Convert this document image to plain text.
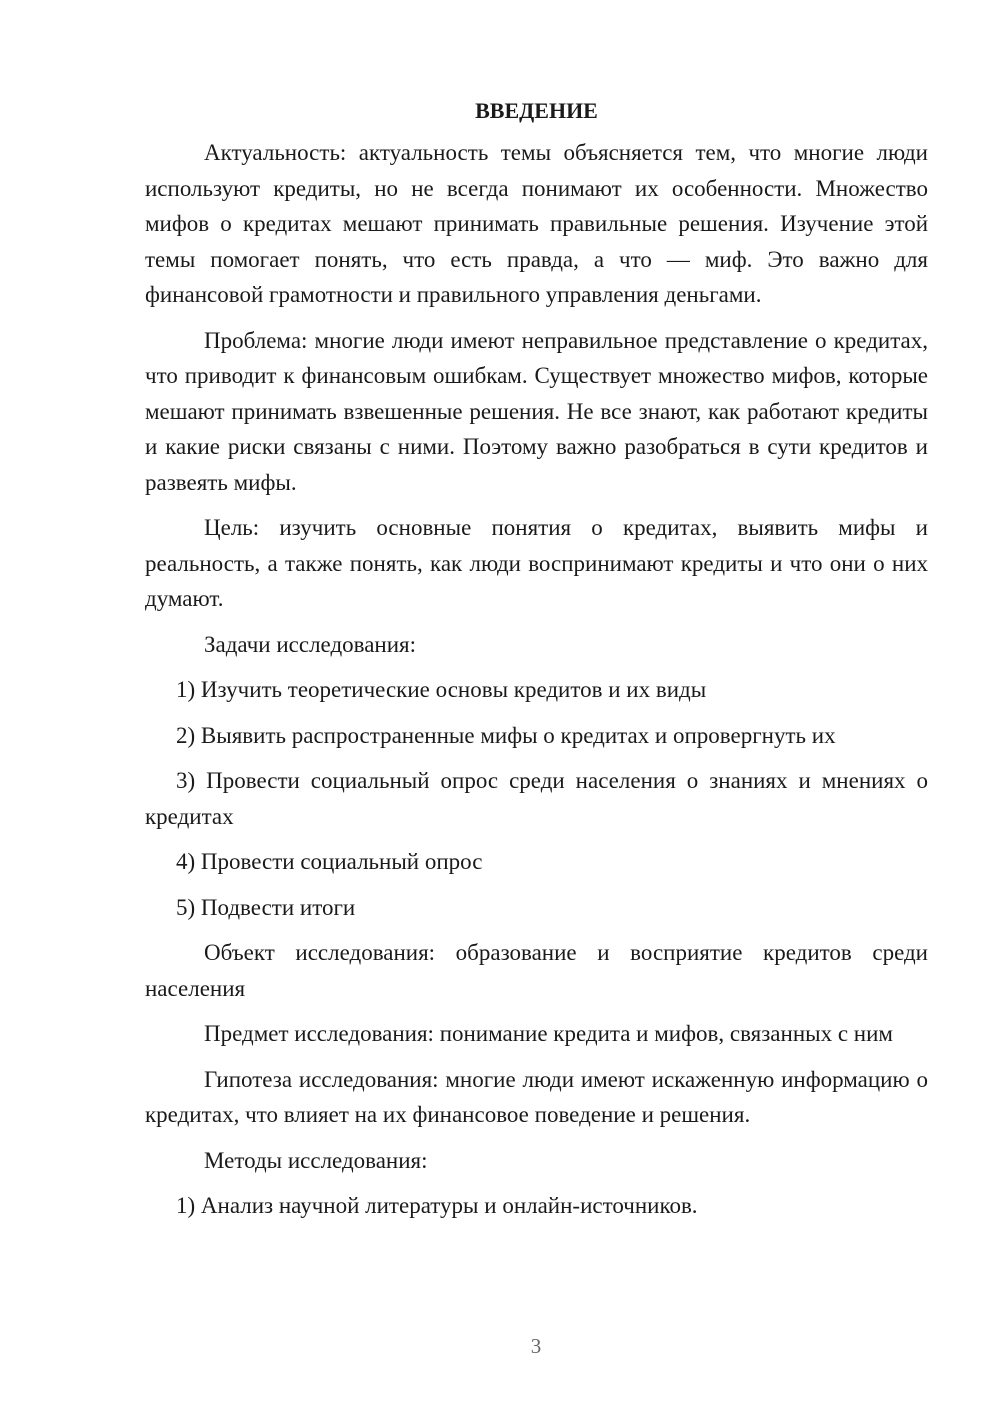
ВВЕДЕНИЕ

Актуальность: актуальность темы объясняется тем, что многие люди используют кредиты, но не всегда понимают их особенности. Множество мифов о кредитах мешают принимать правильные решения. Изучение этой темы помогает понять, что есть правда, а что — миф. Это важно для финансовой грамотности и правильного управления деньгами.

Проблема: многие люди имеют неправильное представление о кредитах, что приводит к финансовым ошибкам. Существует множество мифов, которые мешают принимать взвешенные решения. Не все знают, как работают кредиты и какие риски связаны с ними. Поэтому важно разобраться в сути кредитов и развеять мифы.

Цель: изучить основные понятия о кредитах, выявить мифы и реальность, а также понять, как люди воспринимают кредиты и что они о них думают.

Задачи исследования:

1) Изучить теоретические основы кредитов и их виды

2) Выявить распространенные мифы о кредитах и опровергнуть их

3) Провести социальный опрос среди населения о знаниях и мнениях о кредитах

4) Провести социальный опрос

5) Подвести итоги

Объект исследования: образование и восприятие кредитов среди населения

Предмет исследования: понимание кредита и мифов, связанных с ним

Гипотеза исследования: многие люди имеют искаженную информацию о кредитах, что влияет на их финансовое поведение и решения.

Методы исследования:

1) Анализ научной литературы и онлайн-источников.

3
